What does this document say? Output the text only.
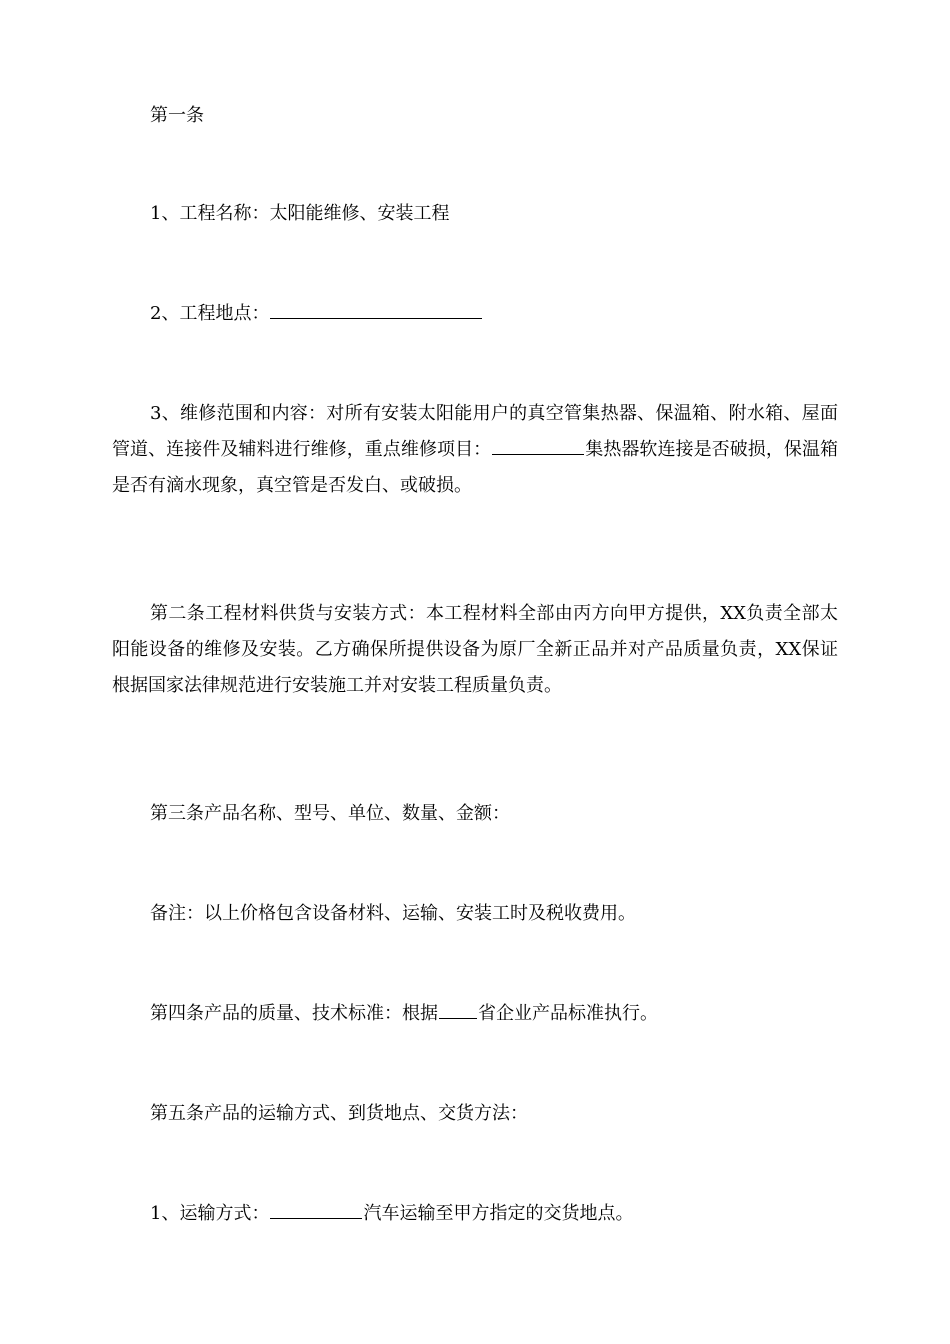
第一条

1、工程名称：太阳能维修、安装工程

2、工程地点：

3、维修范围和内容：对所有安装太阳能用户的真空管集热器、保温箱、附水箱、屋面管道、连接件及辅料进行维修，重点维修项目：	集热器软连接是否破损，保温箱是否有滴水现象，真空管是否发白、或破损。

第二条工程材料供货与安装方式：本工程材料全部由丙方向甲方提供，XX负责全部太阳能设备的维修及安装。乙方确保所提供设备为原厂全新正品并对产品质量负责，XX保证根据国家法律规范进行安装施工并对安装工程质量负责。

第三条产品名称、型号、单位、数量、金额：

备注：以上价格包含设备材料、运输、安装工时及税收费用。

第四条产品的质量、技术标准：根据 省企业产品标准执行。

第五条产品的运输方式、到货地点、交货方法：

1、运输方式：	汽车运输至甲方指定的交货地点。
